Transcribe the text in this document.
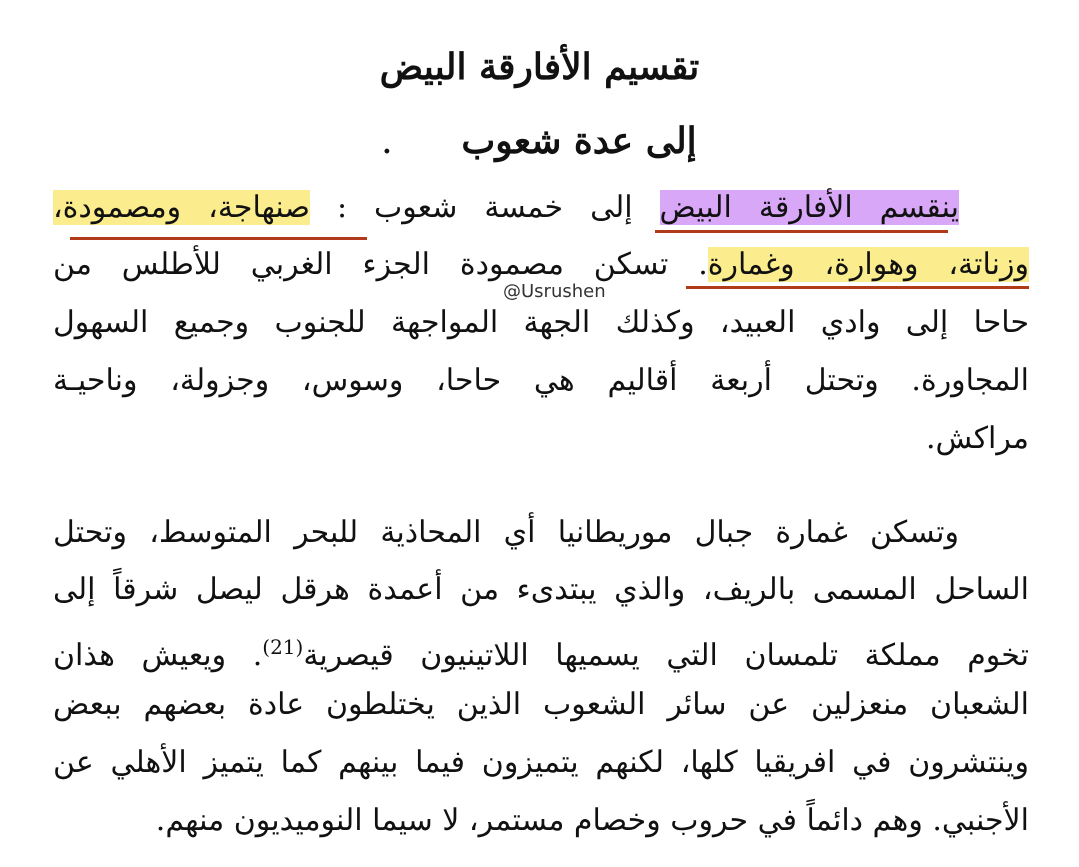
تقسيم الأفارقة البيض

إلى عدة شعوب.

ينقسم الأفارقة البيض إلى خمسة شعوب : صنهاجة، ومصمودة،
وزناتة، وهوارة، وغمارة. تسكن مصمودة الجزء الغربي للأطلس من
@Usrushen
حاحا إلى وادي العبيد، وكذلك الجهة المواجهة للجنوب وجميع السهول
المجاورة. وتحتل أربعة أقاليم هي حاحا، وسوس، وجزولة، وناحيـة
مراكش.
وتسكن غمارة جبال موريطانيا أي المحاذية للبحر المتوسط، وتحتل
الساحل المسمى بالريف، والذي يبتدىء من أعمدة هرقل ليصل شرقاً إلى
تخوم مملكة تلمسان التي يسميها اللاتينيون قيصرية$^{(21)}$. ويعيش هذان
الشعبان منعزلين عن سائر الشعوب الذين يختلطون عادة بعضهم ببعض
وينتشرون في افريقيا كلها، لكنهم يتميزون فيما بينهم كما يتميز الأهلي عن
الأجنبي. وهم دائماً في حروب وخصام مستمر، لا سيما النوميديون منهم.
